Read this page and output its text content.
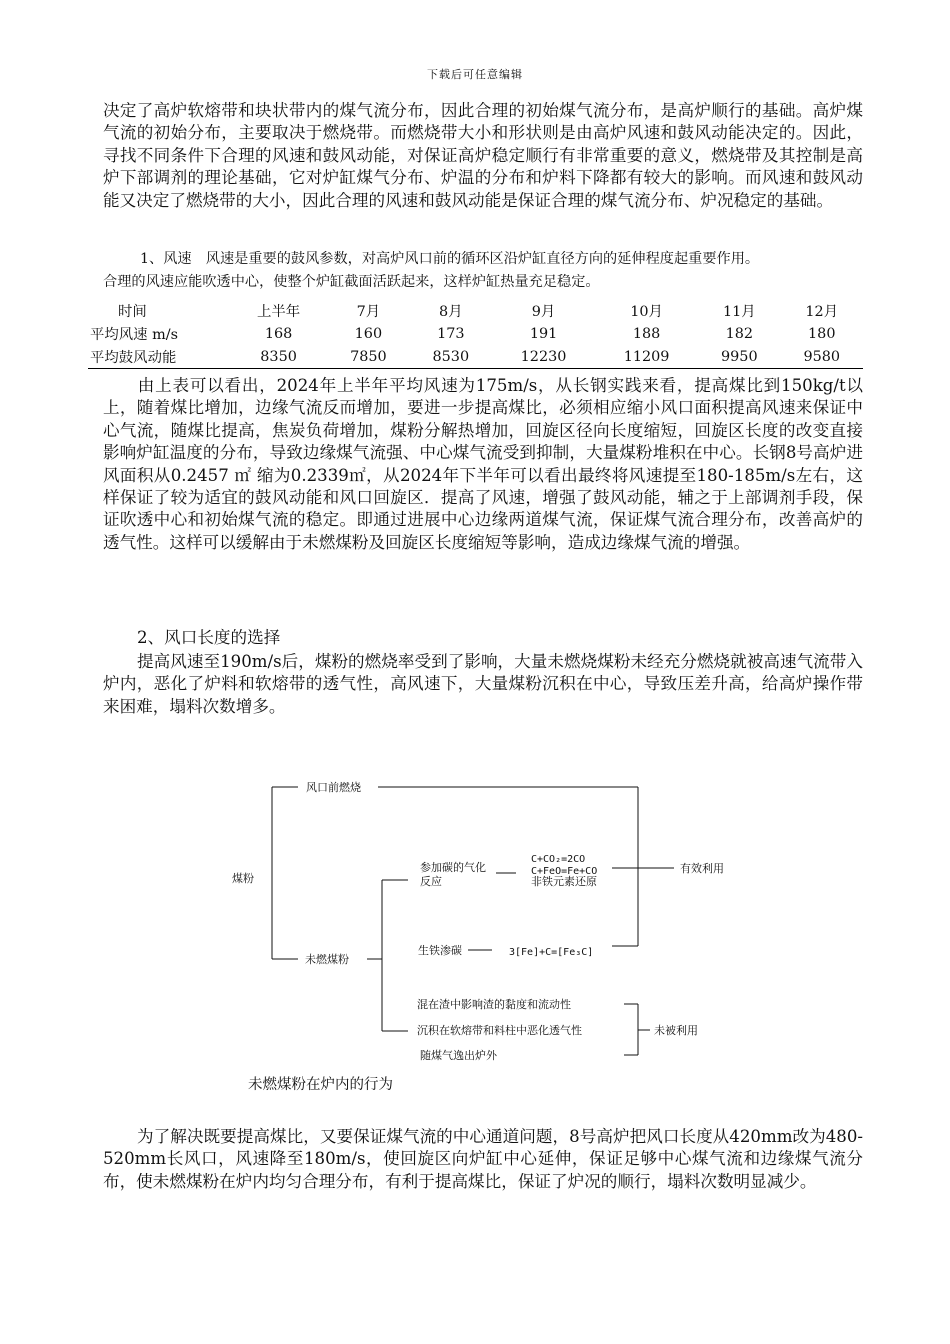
下载后可任意编辑

决定了高炉软熔带和块状带内的煤气流分布，因此合理的初始煤气流分布，是高炉顺行的基础。高炉煤气流的初始分布，主要取决于燃烧带。而燃烧带大小和形状则是由高炉风速和鼓风动能决定的。因此，寻找不同条件下合理的风速和鼓风动能，对保证高炉稳定顺行有非常重要的意义，燃烧带及其控制是高炉下部调剂的理论基础，它对炉缸煤气分布、炉温的分布和炉料下降都有较大的影响。而风速和鼓风动能又决定了燃烧带的大小，因此合理的风速和鼓风动能是保证合理的煤气流分布、炉况稳定的基础。

1、风速　风速是重要的鼓风参数，对高炉风口前的循环区沿炉缸直径方向的延伸程度起重要作用。

合理的风速应能吹透中心，使整个炉缸截面活跃起来，这样炉缸热量充足稳定。

时间	上半年	7月	8月	9月	10月	11月	12月
平均风速 m/s	168	160	173	191	188	182	180
平均鼓风动能	8350	7850	8530	12230	11209	9950	9580

由上表可以看出，2024年上半年平均风速为175m/s，从长钢实践来看，提高煤比到150kg/t以上，随着煤比增加，边缘气流反而增加，要进一步提高煤比，必须相应缩小风口面积提高风速来保证中心气流，随煤比提高，焦炭负荷增加，煤粉分解热增加，回旋区径向长度缩短，回旋区长度的改变直接影响炉缸温度的分布，导致边缘煤气流强、中心煤气流受到抑制，大量煤粉堆积在中心。长钢8号高炉进风面积从0.2457 ㎡ 缩为0.2339㎡，从2024年下半年可以看出最终将风速提至180-185m/s左右，这样保证了较为适宜的鼓风动能和风口回旋区．提高了风速，增强了鼓风动能，辅之于上部调剂手段，保证吹透中心和初始煤气流的稳定。即通过进展中心边缘两道煤气流，保证煤气流合理分布，改善高炉的透气性。这样可以缓解由于未燃煤粉及回旋区长度缩短等影响，造成边缘煤气流的增强。

2、风口长度的选择

提高风速至190m/s后，煤粉的燃烧率受到了影响，大量未燃烧煤粉未经充分燃烧就被高速气流带入炉内，恶化了炉料和软熔带的透气性，高风速下，大量煤粉沉积在中心，导致压差升高，给高炉操作带来困难，塌料次数增多。

煤粉
风口前燃烧
未燃煤粉
参加碳的气化
反应
C+CO₂=2CO
C+FeO=Fe+CO
非铁元素还原
生铁渗碳	3[Fe]+C=[Fe₃C]
有效利用
混在渣中影响渣的黏度和流动性
沉积在软熔带和料柱中恶化透气性
随煤气逸出炉外
未被利用
未燃煤粉在炉内的行为

为了解决既要提高煤比，又要保证煤气流的中心通道问题，8号高炉把风口长度从420mm改为480-520mm长风口，风速降至180m/s，使回旋区向炉缸中心延伸，保证足够中心煤气流和边缘煤气流分布，使未燃煤粉在炉内均匀合理分布，有利于提高煤比，保证了炉况的顺行，塌料次数明显减少。
